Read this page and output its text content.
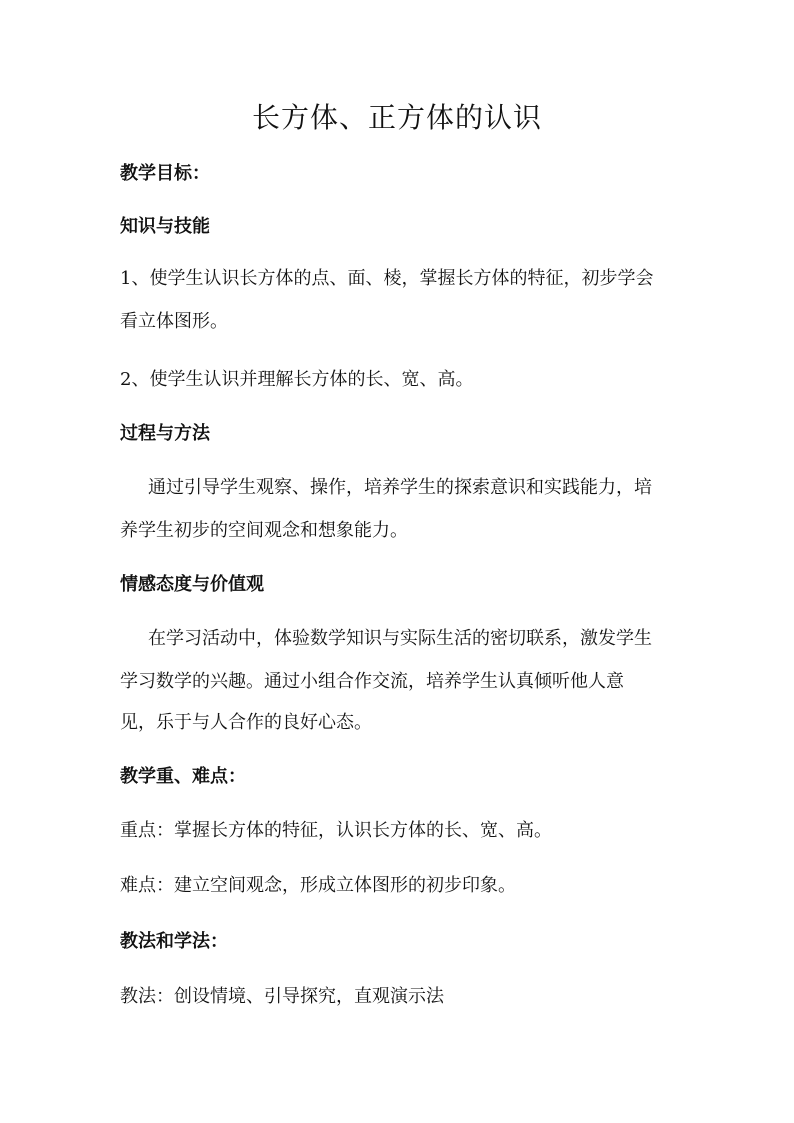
长方体、正方体的认识
教学目标：
知识与技能
1、使学生认识长方体的点、面、棱，掌握长方体的特征，初步学会
看立体图形。
2、使学生认识并理解长方体的长、宽、高。
过程与方法
通过引导学生观察、操作，培养学生的探索意识和实践能力，培
养学生初步的空间观念和想象能力。
情感态度与价值观
在学习活动中，体验数学知识与实际生活的密切联系，激发学生
学习数学的兴趣。通过小组合作交流，培养学生认真倾听他人意
见，乐于与人合作的良好心态。
教学重、难点：
重点：掌握长方体的特征，认识长方体的长、宽、高。
难点：建立空间观念，形成立体图形的初步印象。
教法和学法：
教法：创设情境、引导探究，直观演示法
